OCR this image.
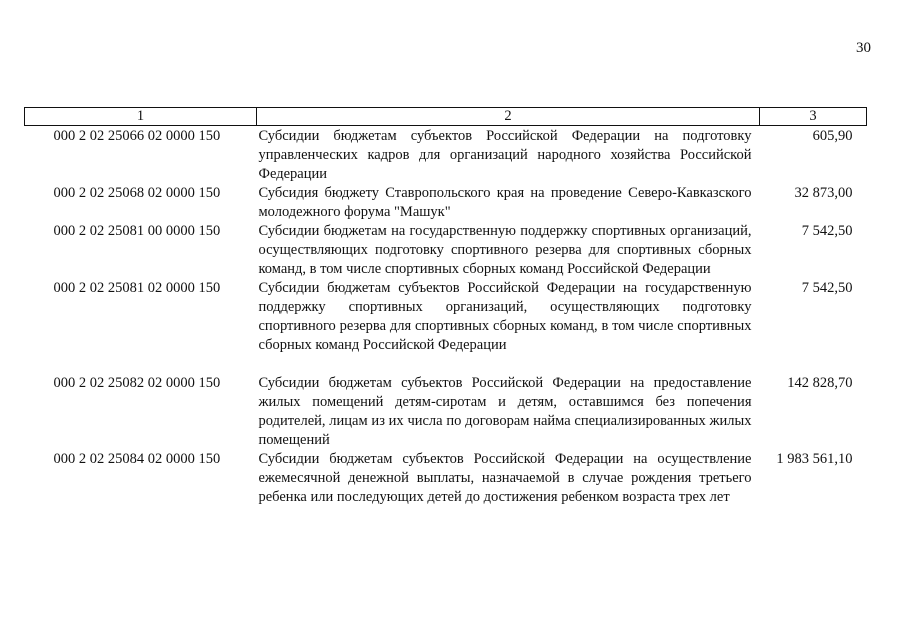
30
1	2	3
000 2 02 25066 02 0000 150	Субсидии бюджетам субъектов Российской Федерации на подготовку управленческих кадров для организаций народного хозяйства Российской Федерации	605,90
000 2 02 25068 02 0000 150	Субсидия бюджету Ставропольского края на проведение Северо-Кавказского молодежного форума "Машук"	32 873,00
000 2 02 25081 00 0000 150	Субсидии бюджетам на государственную поддержку спортивных организаций, осуществляющих подготовку спортивного резерва для спортивных сборных команд, в том числе спортивных сборных команд Российской Федерации	7 542,50
000 2 02 25081 02 0000 150	Субсидии бюджетам субъектов Российской Федерации на государственную поддержку спортивных организаций, осуществляющих подготовку спортивного резерва для спортивных сборных команд, в том числе спортивных сборных команд Российской Федерации	7 542,50
000 2 02 25082 02 0000 150	Субсидии бюджетам субъектов Российской Федерации на предоставление жилых помещений детям-сиротам и детям, оставшимся без попечения родителей, лицам из их числа по договорам найма специализированных жилых помещений	142 828,70
000 2 02 25084 02 0000 150	Субсидии бюджетам субъектов Российской Федерации на осуществление ежемесячной денежной выплаты, назначаемой в случае рождения третьего ребенка или последующих детей до достижения ребенком возраста трех лет	1 983 561,10
